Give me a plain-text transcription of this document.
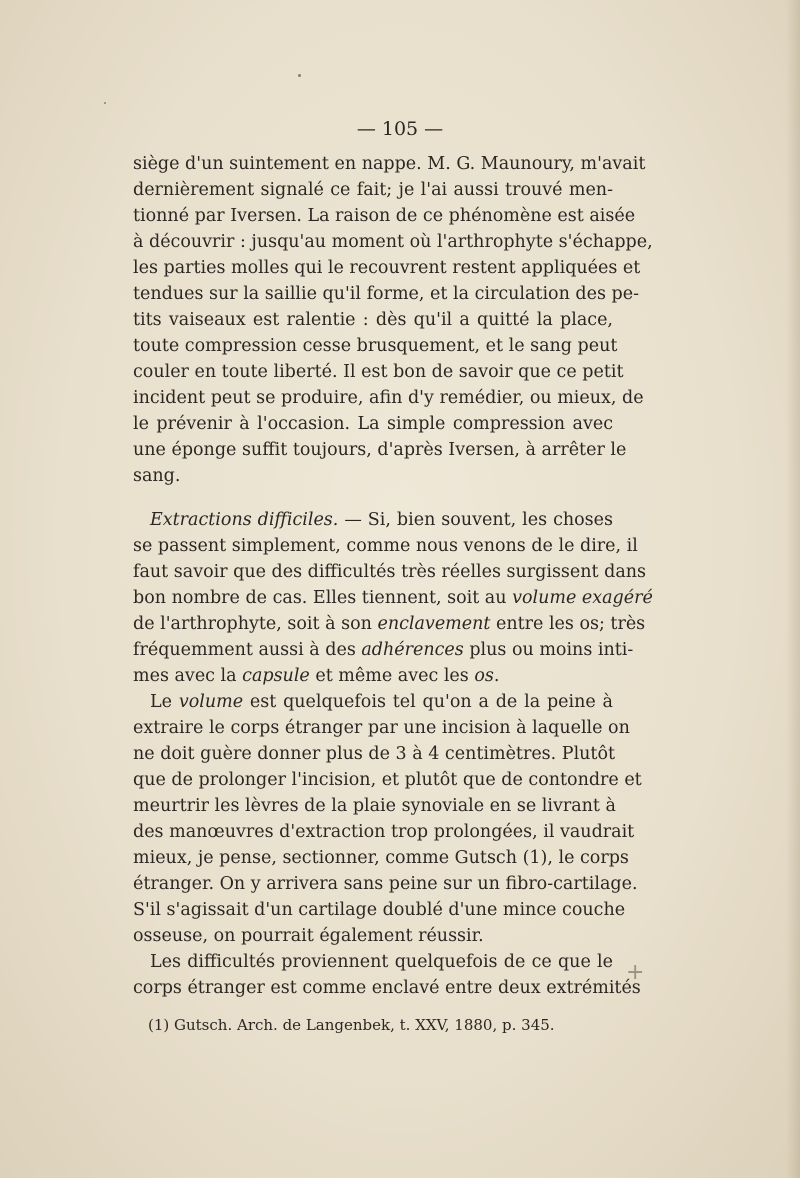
— 105 —
siège d'un suintement en nappe. M. G. Maunoury, m'avait
dernièrement signalé ce fait; je l'ai aussi trouvé men-
tionné par Iversen. La raison de ce phénomène est aisée
à découvrir : jusqu'au moment où l'arthrophyte s'échappe,
les parties molles qui le recouvrent restent appliquées et
tendues sur la saillie qu'il forme, et la circulation des pe-
tits vaiseaux est ralentie : dès qu'il a quitté la place,
toute compression cesse brusquement, et le sang peut
couler en toute liberté. Il est bon de savoir que ce petit
incident peut se produire, afin d'y remédier, ou mieux, de
le prévenir à l'occasion. La simple compression avec
une éponge suffit toujours, d'après Iversen, à arrêter le
sang.
Extractions difficiles. — Si, bien souvent, les choses
se passent simplement, comme nous venons de le dire, il
faut savoir que des difficultés très réelles surgissent dans
bon nombre de cas. Elles tiennent, soit au volume exagéré
de l'arthrophyte, soit à son enclavement entre les os; très
fréquemment aussi à des adhérences plus ou moins inti-
mes avec la capsule et même avec les os.
Le volume est quelquefois tel qu'on a de la peine à
extraire le corps étranger par une incision à laquelle on
ne doit guère donner plus de 3 à 4 centimètres. Plutôt
que de prolonger l'incision, et plutôt que de contondre et
meurtrir les lèvres de la plaie synoviale en se livrant à
des manœuvres d'extraction trop prolongées, il vaudrait
mieux, je pense, sectionner, comme Gutsch (1), le corps
étranger. On y arrivera sans peine sur un fibro-cartilage.
S'il s'agissait d'un cartilage doublé d'une mince couche
osseuse, on pourrait également réussir.
Les difficultés proviennent quelquefois de ce que le
corps étranger est comme enclavé entre deux extrémités
+
(1) Gutsch. Arch. de Langenbek, t. XXV, 1880, p. 345.
